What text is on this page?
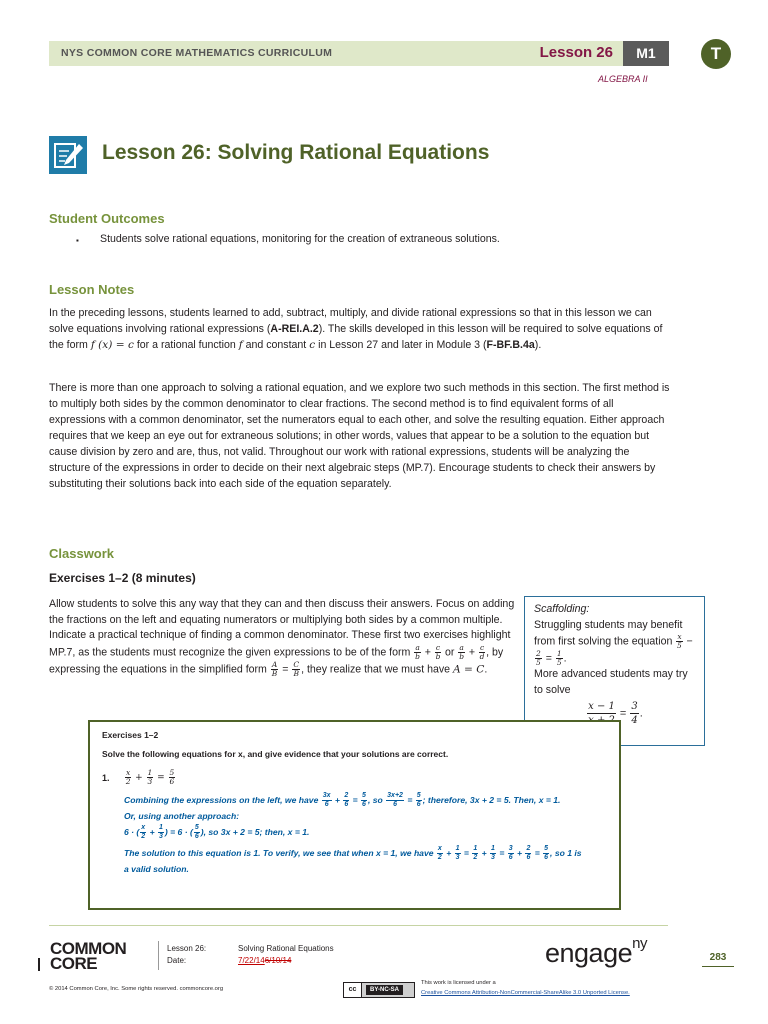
NYS COMMON CORE MATHEMATICS CURRICULUM	Lesson 26	M1
ALGEBRA II
T
Lesson 26: Solving Rational Equations
Student Outcomes
▪ Students solve rational equations, monitoring for the creation of extraneous solutions.
Lesson Notes
In the preceding lessons, students learned to add, subtract, multiply, and divide rational expressions so that in this lesson we can solve equations involving rational expressions (A-REI.A.2). The skills developed in this lesson will be required to solve equations of the form f (x) = c for a rational function f and constant c in Lesson 27 and later in Module 3 (F-BF.B.4a).
There is more than one approach to solving a rational equation, and we explore two such methods in this section. The first method is to multiply both sides by the common denominator to clear fractions. The second method is to find equivalent forms of all expressions with a common denominator, set the numerators equal to each other, and solve the resulting equation. Either approach requires that we keep an eye out for extraneous solutions; in other words, values that appear to be a solution to the equation but cause division by zero and are, thus, not valid. Throughout our work with rational expressions, students will be analyzing the structure of the expressions in order to decide on their next algebraic steps (MP.7). Encourage students to check their answers by substituting their solutions back into each side of the equation separately.
Classwork
Exercises 1–2 (8 minutes)
Allow students to solve this any way that they can and then discuss their answers. Focus on adding the fractions on the left and equating numerators or multiplying both sides by a common multiple. Indicate a practical technique of finding a common denominator. These first two exercises highlight MP.7, as the students must recognize the given expressions to be of the form $\frac{a}{b} + \frac{c}{b}$ or $\frac{a}{b} + \frac{c}{d}$ , by expressing the equations in the simplified form $\frac{A}{B} = \frac{C}{B}$ , they realize that we must have A = C.
Scaffolding:
Struggling students may benefit from first solving the equation $\frac{x}{5}$ −
$\frac{2}{5} = \frac{1}{5}$ .
More advanced students may try to solve
x − 1
= $\frac{3}{4}$ .
Exercises 1–2
Solve the following equations for x, and give evidence that your solutions are correct.
1.	$\frac{x}{2} + \frac{1}{3} = \frac{5}{6}$
Combining the expressions on the left, we have $\frac{3x}{6} + \frac{2}{6} = \frac{5}{6}$ , so $\frac{3x+2}{6} = \frac{5}{6}$ ; therefore, 3x + 2 = 5. Then, x = 1.
Or, using another approach:
6 · ( $\frac{x}{2} + \frac{1}{3}$ ) = 6 · ( $\frac{5}{6}$ ), so 3x + 2 = 5; then, x = 1.
The solution to this equation is 1. To verify, we see that when x = 1, we have $\frac{x}{2} + \frac{1}{3} = \frac{1}{2} + \frac{1}{3} = \frac{3}{6} + \frac{2}{6} = \frac{5}{6}$ , so 1 is
a valid solution.
COMMON
CORE
Lesson 26:	Solving Rational Equations
Date:	7/22/146/10/14	engage$^{ny}$
283
© 2014 Common Core, Inc. Some rights reserved. commoncore.org	cc	BY-NC-SA
This work is licensed under a
Creative Commons Attribution-NonCommercial-ShareAlike 3.0 Unported License.
